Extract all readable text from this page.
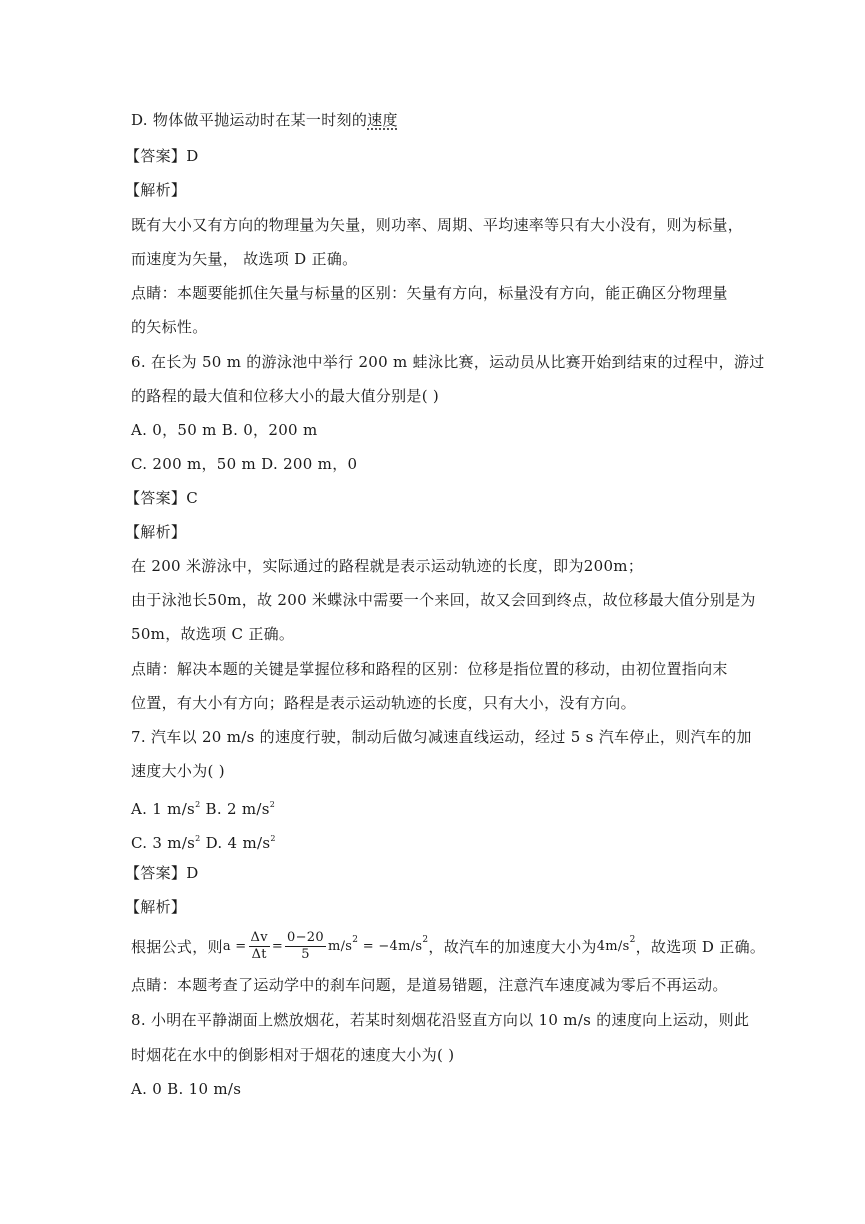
D. 物体做平抛运动时在某一时刻的速度
【答案】D
【解析】
既有大小又有方向的物理量为矢量，则功率、周期、平均速率等只有大小没有，则为标量，
而速度为矢量， 故选项 D 正确。
点睛：本题要能抓住矢量与标量的区别：矢量有方向，标量没有方向，能正确区分物理量
的矢标性。
6. 在长为 50 m 的游泳池中举行 200 m 蛙泳比赛，运动员从比赛开始到结束的过程中，游过
的路程的最大值和位移大小的最大值分别是( )
A. 0，50 m B. 0，200 m
C. 200 m，50 m D. 200 m，0
【答案】C
【解析】
在 200 米游泳中，实际通过的路程就是表示运动轨迹的长度，即为200m；
由于泳池长50m，故 200 米蝶泳中需要一个来回，故又会回到终点，故位移最大值分别是为
50m，故选项 C 正确。
点睛：解决本题的关键是掌握位移和路程的区别：位移是指位置的移动，由初位置指向末
位置，有大小有方向；路程是表示运动轨迹的长度，只有大小，没有方向。
7. 汽车以 20 m/s 的速度行驶，制动后做匀减速直线运动，经过 5 s 汽车停止，则汽车的加
速度大小为( )
A. 1 $m/s^2$ B. 2 $m/s^2$
C. 3 $m/s^2$ D. 4 $m/s^2$
【答案】D
【解析】
根据公式，则$a = \frac{\Delta v}{\Delta t} = \frac{0-20}{5} m/s^2 = -4m/s^2$，故汽车的加速度大小为$4m/s^2$，故选项 D 正确。
点睛：本题考查了运动学中的刹车问题，是道易错题，注意汽车速度减为零后不再运动。
8. 小明在平静湖面上燃放烟花，若某时刻烟花沿竖直方向以 10 m/s 的速度向上运动，则此
时烟花在水中的倒影相对于烟花的速度大小为( )
A. 0 B. 10 m/s
